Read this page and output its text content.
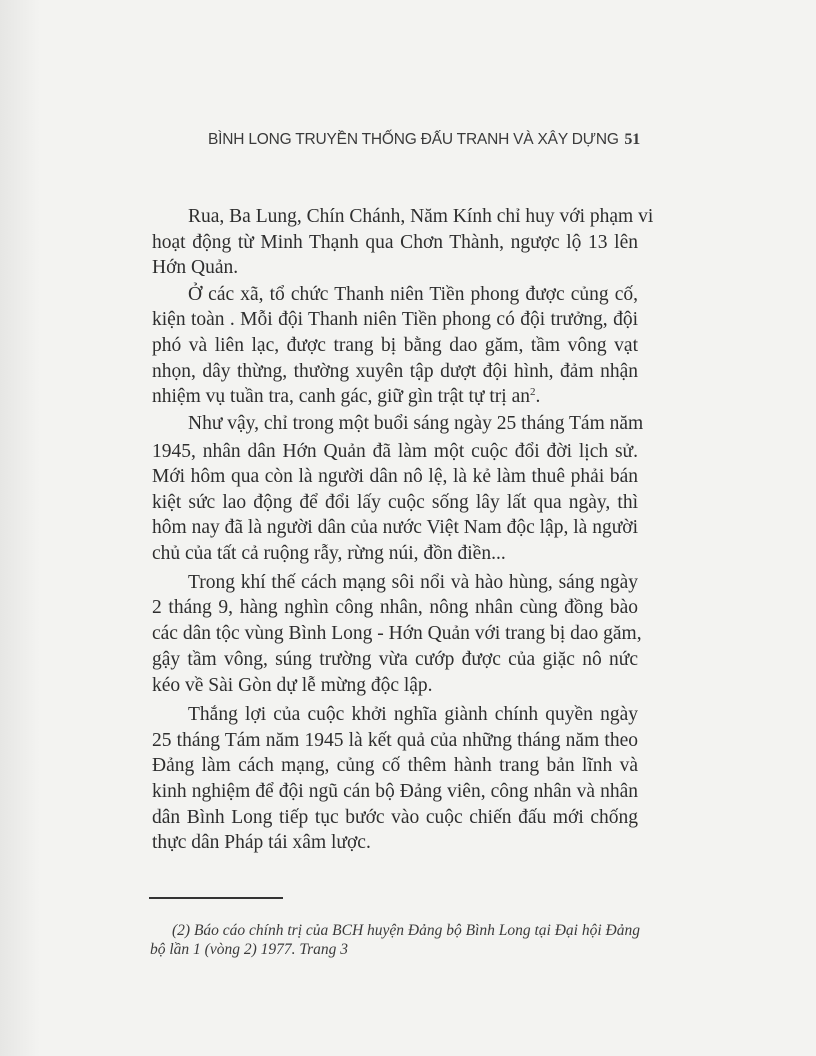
BÌNH LONG TRUYỀN THỐNG ĐẤU TRANH VÀ XÂY DỰNG 51
Rua, Ba Lung, Chín Chánh, Năm Kính chỉ huy với phạm vi
hoạt động từ Minh Thạnh qua Chơn Thành, ngược lộ 13 lên
Hớn Quản.
Ở các xã, tổ chức Thanh niên Tiền phong được củng cố,
kiện toàn . Mỗi đội Thanh niên Tiền phong có đội trưởng, đội
phó và liên lạc, được trang bị bằng dao găm, tầm vông vạt
nhọn, dây thừng, thường xuyên tập dượt đội hình, đảm nhận
nhiệm vụ tuần tra, canh gác, giữ gìn trật tự trị $an^2$.
Như vậy, chỉ trong một buổi sáng ngày 25 tháng Tám năm
1945, nhân dân Hớn Quản đã làm một cuộc đổi đời lịch sử.
Mới hôm qua còn là người dân nô lệ, là kẻ làm thuê phải bán
kiệt sức lao động để đổi lấy cuộc sống lây lất qua ngày, thì
hôm nay đã là người dân của nước Việt Nam độc lập, là người
chủ của tất cả ruộng rẫy, rừng núi, đồn điền...
Trong khí thế cách mạng sôi nổi và hào hùng, sáng ngày
2 tháng 9, hàng nghìn công nhân, nông nhân cùng đồng bào
các dân tộc vùng Bình Long - Hớn Quản với trang bị dao găm,
gậy tầm vông, súng trường vừa cướp được của giặc nô nức
kéo về Sài Gòn dự lễ mừng độc lập.
Thắng lợi của cuộc khởi nghĩa giành chính quyền ngày
25 tháng Tám năm 1945 là kết quả của những tháng năm theo
Đảng làm cách mạng, củng cố thêm hành trang bản lĩnh và
kinh nghiệm để đội ngũ cán bộ Đảng viên, công nhân và nhân
dân Bình Long tiếp tục bước vào cuộc chiến đấu mới chống
thực dân Pháp tái xâm lược.
(2) Báo cáo chính trị của BCH huyện Đảng bộ Bình Long tại Đại hội Đảng
bộ lần 1 (vòng 2) 1977. Trang 3
